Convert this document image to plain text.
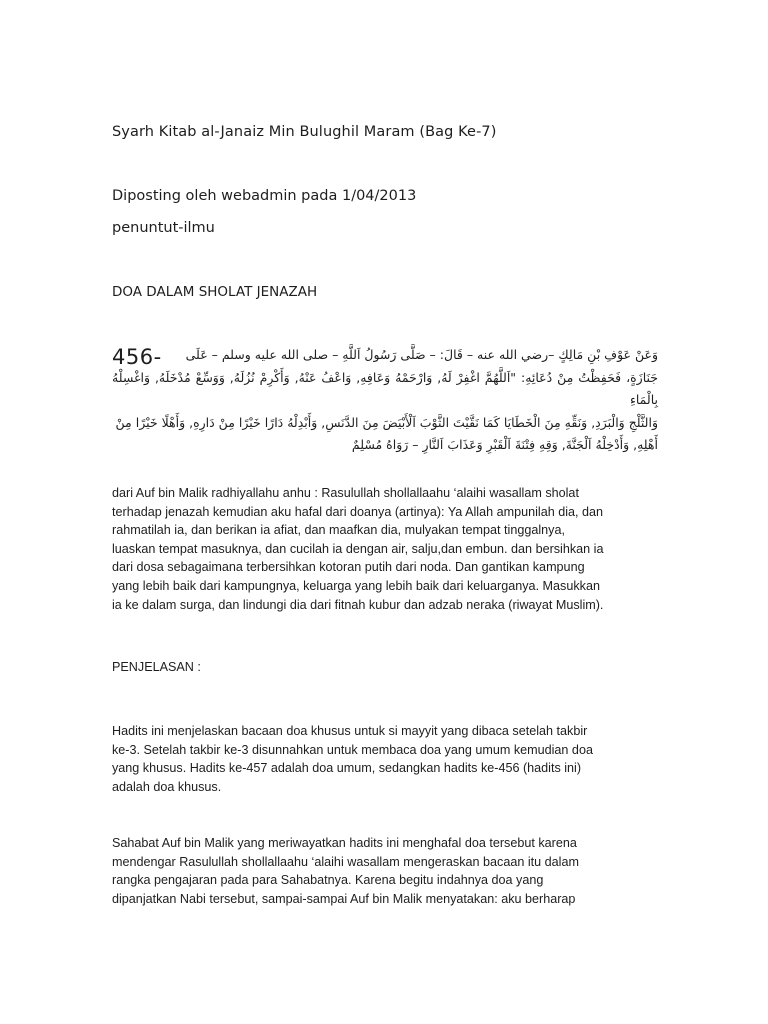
Syarh Kitab al-Janaiz Min Bulughil Maram (Bag Ke-7)
Diposting oleh webadmin pada 1/04/2013
penuntut-ilmu
DOA DALAM SHOLAT JENAZAH
456-	وَعَنْ عَوْفِ بْنِ مَالِكٍ –رضي الله عنه – قَالَ: – صَلَّى رَسُولُ اَللَّهِ – صلى الله عليه وسلم – عَلَى
جَنَازَةٍ، فَحَفِظْتُ مِنْ دُعَائِهِ: "اَللَّهُمَّ اغْفِرْ لَهُ, وَارْحَمْهُ وَعَافِهِ, وَاعْفُ عَنْهُ, وَأَكْرِمْ نُزُلَهُ, وَوَسِّعْ مُدْخَلَهُ, وَاغْسِلْهُ بِالْمَاءِ
وَالثَّلْجِ وَالْبَرَدِ, وَنَقِّهِ مِنَ الْخَطَايَا كَمَا نَقَّيْتَ الثَّوْبَ اَلْأَبْيَضَ مِنَ الدَّنَسِ, وَأَبْدِلْهُ دَارًا خَيْرًا مِنْ دَارِهِ, وَأَهْلًا خَيْرًا مِنْ
أَهْلِهِ, وَأَدْخِلْهُ اَلْجَنَّةَ, وَقِهِ فِتْنَةَ اَلْقَبْرِ وَعَذَابَ اَلنَّارِ – رَوَاهُ مُسْلِمٌ
dari Auf bin Malik radhiyallahu anhu : Rasulullah shollallaahu ‘alaihi wasallam sholat
terhadap jenazah kemudian aku hafal dari doanya (artinya): Ya Allah ampunilah dia, dan
rahmatilah ia, dan berikan ia afiat, dan maafkan dia, mulyakan tempat tinggalnya,
luaskan tempat masuknya, dan cucilah ia dengan air, salju,dan embun. dan bersihkan ia
dari dosa sebagaimana terbersihkan kotoran putih dari noda. Dan gantikan kampung
yang lebih baik dari kampungnya, keluarga yang lebih baik dari keluarganya. Masukkan
ia ke dalam surga, dan lindungi dia dari fitnah kubur dan adzab neraka (riwayat Muslim).
PENJELASAN :
Hadits ini menjelaskan bacaan doa khusus untuk si mayyit yang dibaca setelah takbir
ke-3. Setelah takbir ke-3 disunnahkan untuk membaca doa yang umum kemudian doa
yang khusus. Hadits ke-457 adalah doa umum, sedangkan hadits ke-456 (hadits ini)
adalah doa khusus.
Sahabat Auf bin Malik yang meriwayatkan hadits ini menghafal doa tersebut karena
mendengar Rasulullah shollallaahu ‘alaihi wasallam mengeraskan bacaan itu dalam
rangka pengajaran pada para Sahabatnya. Karena begitu indahnya doa yang
dipanjatkan Nabi tersebut, sampai-sampai Auf bin Malik menyatakan: aku berharap
